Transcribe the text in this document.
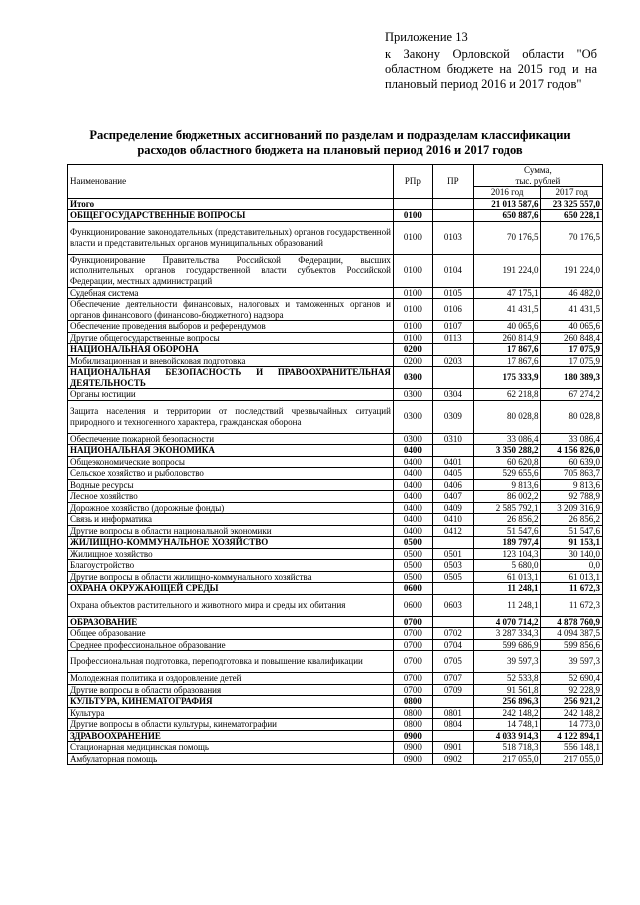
Приложение 13
к Закону Орловской области "Об
областном бюджете на 2015 год и на
плановый период 2016 и 2017 годов"
Распределение бюджетных ассигнований по разделам и подразделам классификации
расходов областного бюджета на плановый период 2016 и 2017 годов
Наименование	РПр	ПР	Сумма,
тыс. рублей	

			2016 год	2017 год
Итого			21 013 587,6	23 325 557,0
ОБЩЕГОСУДАРСТВЕННЫЕ ВОПРОСЫ	0100		650 887,6	650 228,1
Функционирование законодательных (представительных) органов государственной власти и представительных органов муниципальных образований	0100	0103	70 176,5	70 176,5
Функционирование Правительства Российской Федерации, высших исполнительных органов государственной власти субъектов Российской Федерации, местных администраций	0100	0104	191 224,0	191 224,0
Судебная система	0100	0105	47 175,1	46 482,0
Обеспечение деятельности финансовых, налоговых и таможенных органов и органов финансового (финансово-бюджетного) надзора	0100	0106	41 431,5	41 431,5
Обеспечение проведения выборов и референдумов	0100	0107	40 065,6	40 065,6
Другие общегосударственные вопросы	0100	0113	260 814,9	260 848,4
НАЦИОНАЛЬНАЯ ОБОРОНА	0200		17 867,6	17 075,9
Мобилизационная и вневойсковая подготовка	0200	0203	17 867,6	17 075,9
НАЦИОНАЛЬНАЯ БЕЗОПАСНОСТЬ И ПРАВООХРАНИТЕЛЬНАЯ ДЕЯТЕЛЬНОСТЬ	0300		175 333,9	180 389,3
Органы юстиции	0300	0304	62 218,8	67 274,2
Защита населения и территории от последствий чрезвычайных ситуаций природного и техногенного характера, гражданская оборона	0300	0309	80 028,8	80 028,8
Обеспечение пожарной безопасности	0300	0310	33 086,4	33 086,4
НАЦИОНАЛЬНАЯ ЭКОНОМИКА	0400		3 350 288,2	4 156 826,0
Общеэкономические вопросы	0400	0401	60 620,8	60 639,0
Сельское хозяйство и рыболовство	0400	0405	529 655,6	705 863,7
Водные ресурсы	0400	0406	9 813,6	9 813,6
Лесное хозяйство	0400	0407	86 002,2	92 788,9
Дорожное хозяйство (дорожные фонды)	0400	0409	2 585 792,1	3 209 316,9
Связь и информатика	0400	0410	26 856,2	26 856,2
Другие вопросы в области национальной экономики	0400	0412	51 547,6	51 547,6
ЖИЛИЩНО-КОММУНАЛЬНОЕ ХОЗЯЙСТВО	0500		189 797,4	91 153,1
Жилищное хозяйство	0500	0501	123 104,3	30 140,0
Благоустройство	0500	0503	5 680,0	0,0
Другие вопросы в области жилищно-коммунального хозяйства	0500	0505	61 013,1	61 013,1
ОХРАНА ОКРУЖАЮЩЕЙ СРЕДЫ	0600		11 248,1	11 672,3
Охрана объектов растительного и животного мира и среды их обитания	0600	0603	11 248,1	11 672,3
ОБРАЗОВАНИЕ	0700		4 070 714,2	4 878 760,9
Общее образование	0700	0702	3 287 334,3	4 094 387,5
Среднее профессиональное образование	0700	0704	599 686,9	599 856,6
Профессиональная подготовка, переподготовка и повышение квалификации	0700	0705	39 597,3	39 597,3
Молодежная политика и оздоровление детей	0700	0707	52 533,8	52 690,4
Другие вопросы в области образования	0700	0709	91 561,8	92 228,9
КУЛЬТУРА, КИНЕМАТОГРАФИЯ	0800		256 896,3	256 921,2
Культура	0800	0801	242 148,2	242 148,2
Другие вопросы в области культуры, кинематографии	0800	0804	14 748,1	14 773,0
ЗДРАВООХРАНЕНИЕ	0900		4 033 914,3	4 122 894,1
Стационарная медицинская помощь	0900	0901	518 718,3	556 148,1
Амбулаторная помощь	0900	0902	217 055,0	217 055,0
